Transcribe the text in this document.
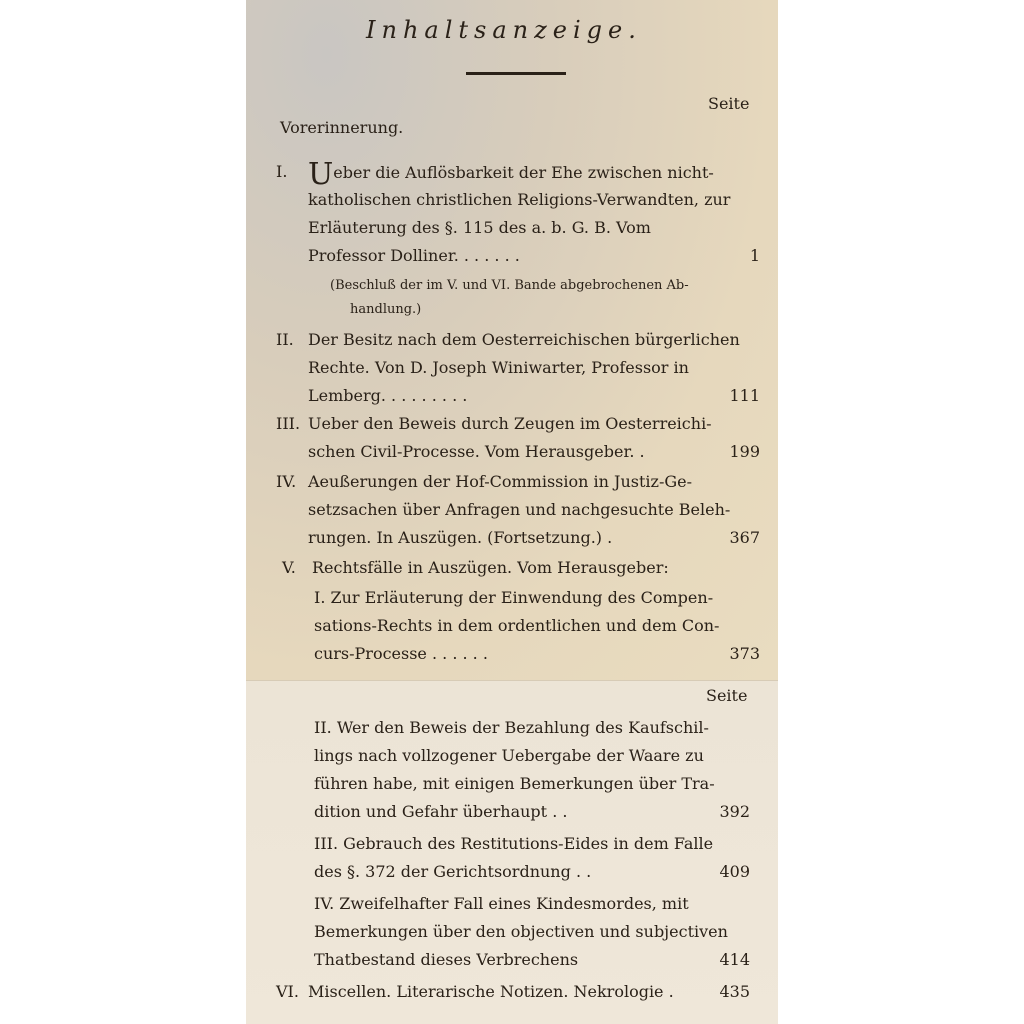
Inhaltsanzeige.
Seite
Vorerinnerung.
I. Ueber die Auflösbarkeit der Ehe zwischen nicht-
katholischen christlichen Religions-Verwandten, zur
Erläuterung des §. 115 des a. b. G. B. Vom
Professor Dolliner. . . . . . .	1
(Beschluß der im V. und VI. Bande abgebrochenen Ab-
handlung.)
II. Der Besitz nach dem Oesterreichischen bürgerlichen
Rechte. Von D. Joseph Winiwarter, Professor in
Lemberg. . . . . . . . .	111
III. Ueber den Beweis durch Zeugen im Oesterreichi-
schen Civil-Processe. Vom Herausgeber. .	199
IV. Aeußerungen der Hof-Commission in Justiz-Ge-
setzsachen über Anfragen und nachgesuchte Beleh-
rungen. In Auszügen. (Fortsetzung.) .	367
V. Rechtsfälle in Auszügen. Vom Herausgeber:
I. Zur Erläuterung der Einwendung des Compen-
sations-Rechts in dem ordentlichen und dem Con-
curs-Processe . . . . . .	373
Seite
II. Wer den Beweis der Bezahlung des Kaufschil-
lings nach vollzogener Uebergabe der Waare zu
führen habe, mit einigen Bemerkungen über Tra-
dition und Gefahr überhaupt . .	392
III. Gebrauch des Restitutions-Eides in dem Falle
des §. 372 der Gerichtsordnung . .	409
IV. Zweifelhafter Fall eines Kindesmordes, mit
Bemerkungen über den objectiven und subjectiven
Thatbestand dieses Verbrechens	414
VI. Miscellen. Literarische Notizen. Nekrologie .	435
